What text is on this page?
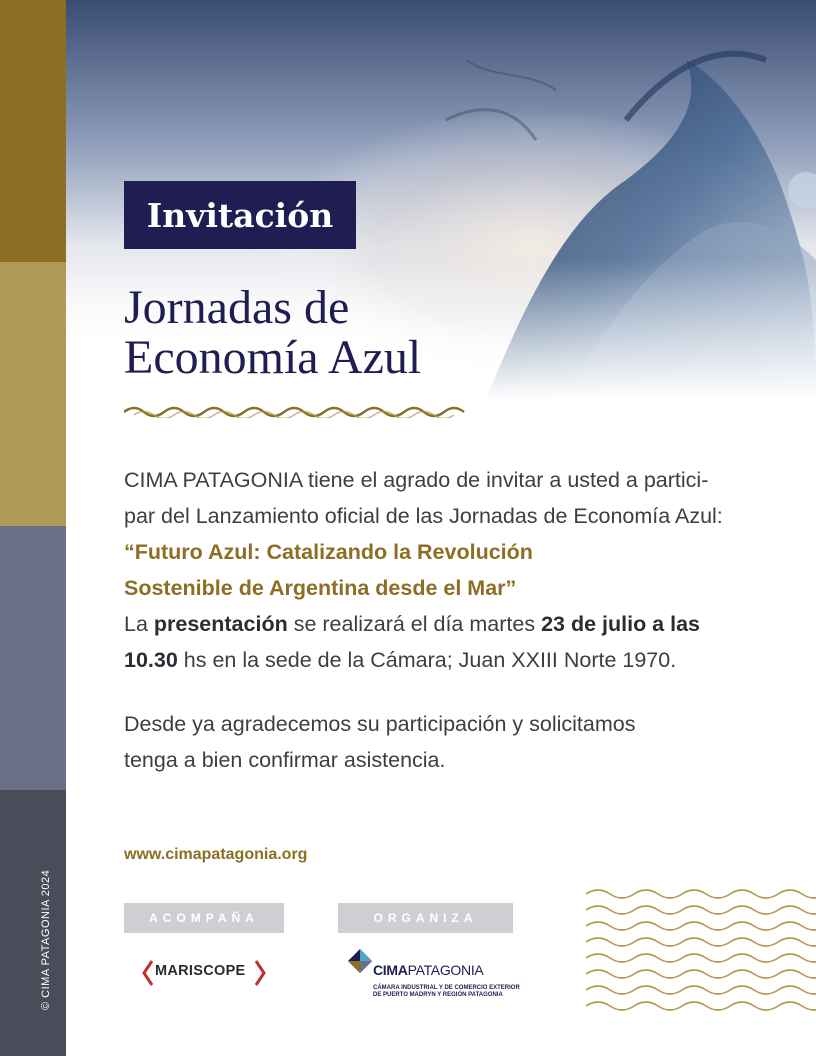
© CIMA PATAGONIA 2024
Invitación
Jornadas de
Economía Azul
CIMA PATAGONIA tiene el agrado de invitar a usted a partici-
par del Lanzamiento oficial de las Jornadas de Economía Azul:
“Futuro Azul: Catalizando la Revolución
Sostenible de Argentina desde el Mar”
La presentación se realizará el día martes 23 de julio a las
10.30 hs en la sede de la Cámara; Juan XXIII Norte 1970.
Desde ya agradecemos su participación y solicitamos
tenga a bien confirmar asistencia.
www.cimapatagonia.org
ACOMPAÑA	ORGANIZA
MARISCOPE	CIMAPATAGONIA
CÁMARA INDUSTRIAL Y DE COMERCIO EXTERIOR
DE PUERTO MADRYN Y REGIÓN PATAGONIA
